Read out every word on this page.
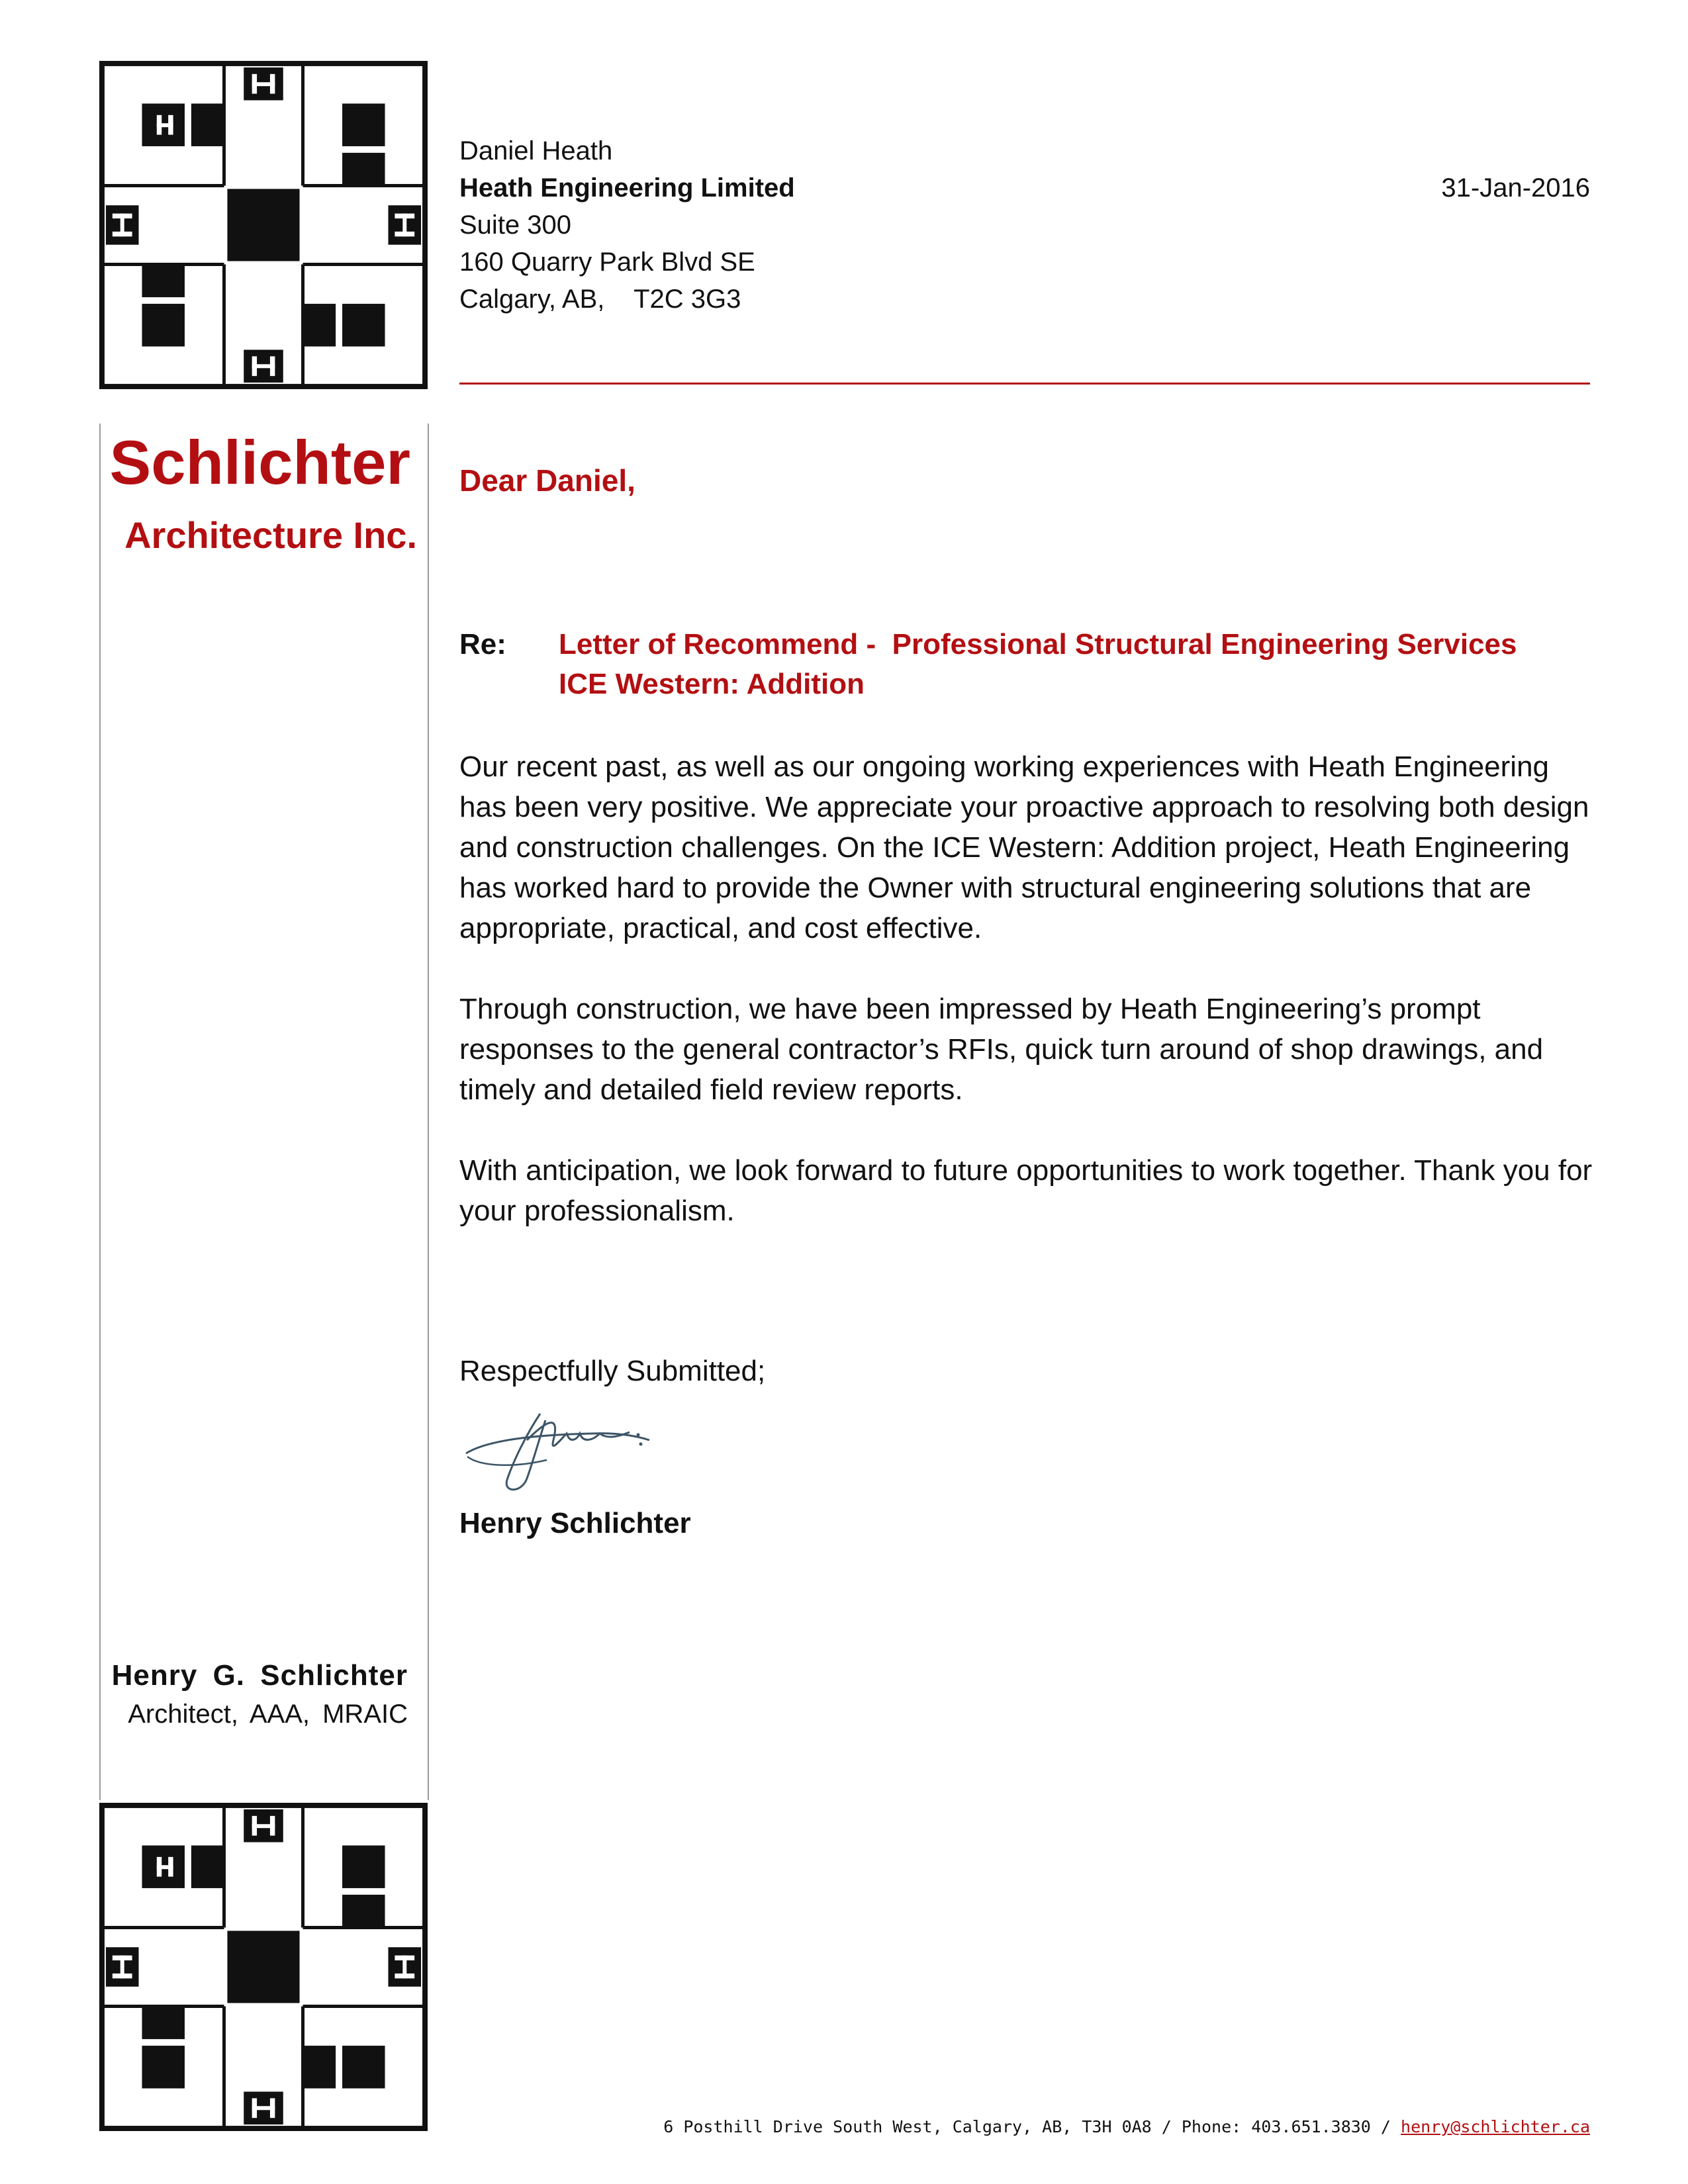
Schlichter
Architecture Inc.
Henry G. Schlichter
Architect, AAA, MRAIC
Daniel Heath
Heath Engineering Limited
Suite 300
160 Quarry Park Blvd SE
Calgary, AB,    T2C 3G3
31-Jan-2016
Dear Daniel,
Re: Letter of Recommend -  Professional Structural Engineering Services
ICE Western: Addition
Our recent past, as well as our ongoing working experiences with Heath Engineering has been very positive. We appreciate your proactive approach to resolving both design and construction challenges. On the ICE Western: Addition project, Heath Engineering has worked hard to provide the Owner with structural engineering solutions that are appropriate, practical, and cost effective.
Through construction, we have been impressed by Heath Engineering’s prompt responses to the general contractor’s RFIs, quick turn around of shop drawings, and timely and detailed field review reports.
With anticipation, we look forward to future opportunities to work together. Thank you for your professionalism.
Respectfully Submitted;
Henry Schlichter
6 Posthill Drive South West, Calgary, AB, T3H 0A8 / Phone: 403.651.3830 / henry@schlichter.ca
